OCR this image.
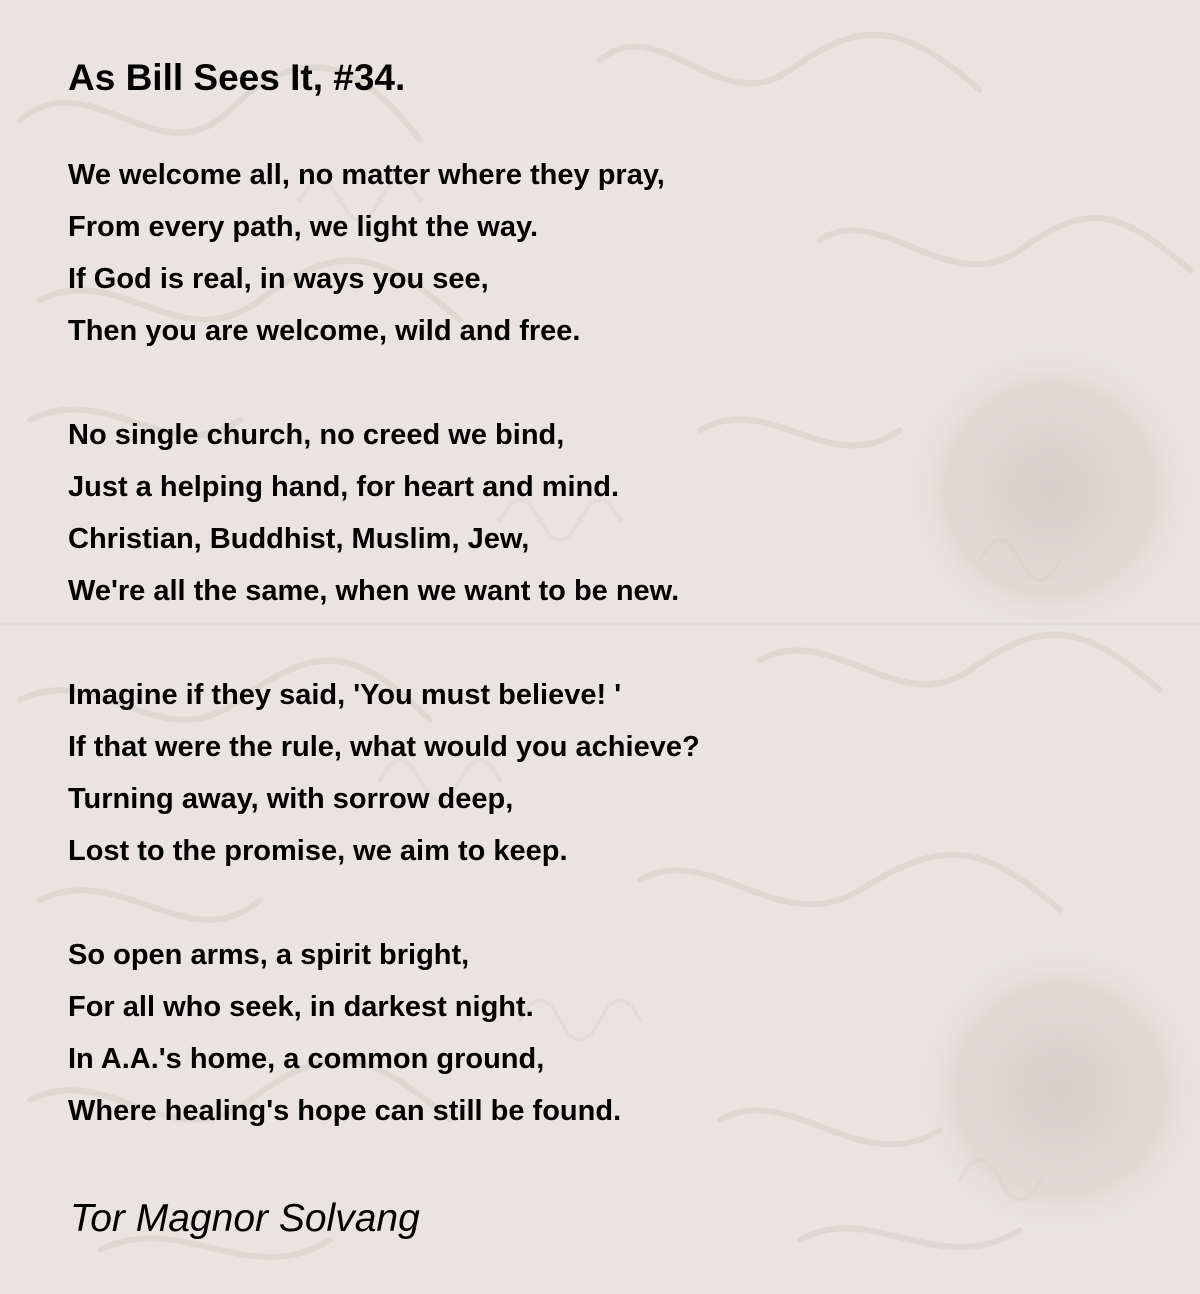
As Bill Sees It, #34.
We welcome all, no matter where they pray,
From every path, we light the way.
If God is real, in ways you see,
Then you are welcome, wild and free.
No single church, no creed we bind,
Just a helping hand, for heart and mind.
Christian, Buddhist, Muslim, Jew,
We're all the same, when we want to be new.
Imagine if they said, 'You must believe! '
If that were the rule, what would you achieve?
Turning away, with sorrow deep,
Lost to the promise, we aim to keep.
So open arms, a spirit bright,
For all who seek, in darkest night.
In A.A.'s home, a common ground,
Where healing's hope can still be found.
Tor Magnor Solvang
